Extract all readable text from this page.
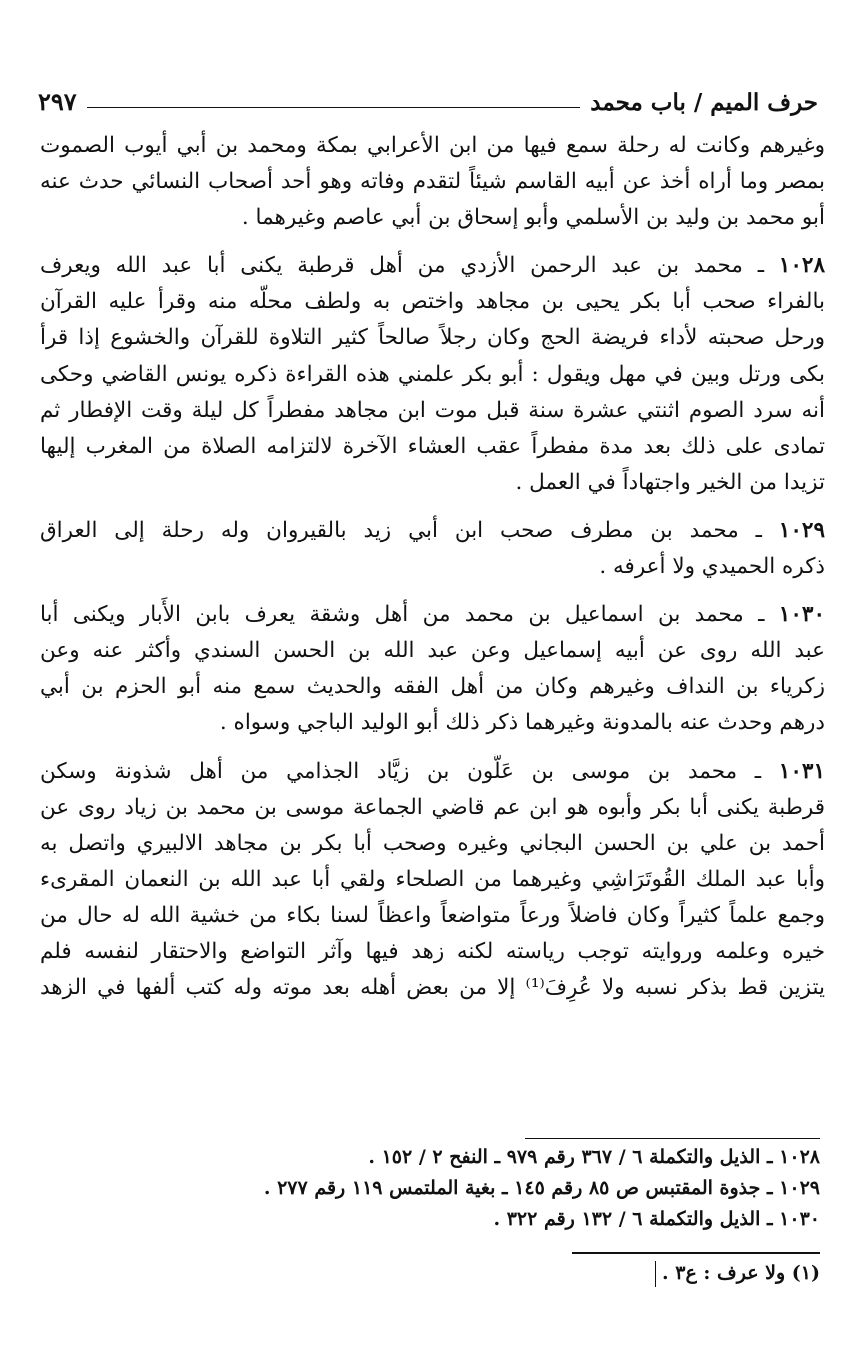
حرف الميم / باب محمد
٢٩٧
وغيرهم وكانت له رحلة سمع فيها من ابن الأعرابي بمكة ومحمد بن أبي أيوب الصموت
بمصر وما أراه أخذ عن أبيه القاسم شيئاً لتقدم وفاته وهو أحد أصحاب النسائي حدث عنه
أبو محمد بن وليد بن الأسلمي وأبو إسحاق بن أبي عاصم وغيرهما .
١٠٢٨ ـ محمد بن عبد الرحمن الأزدي من أهل قرطبة يكنى أبا عبد الله ويعرف
بالفراء صحب أبا بكر يحيى بن مجاهد واختص به ولطف محلّه منه وقرأ عليه القرآن
ورحل صحبته لأداء فريضة الحج وكان رجلاً صالحاً كثير التلاوة للقرآن والخشوع إذا قرأ
بكى ورتل وبين في مهل ويقول : أبو بكر علمني هذه القراءة ذكره يونس القاضي وحكى
أنه سرد الصوم اثنتي عشرة سنة قبل موت ابن مجاهد مفطراً كل ليلة وقت الإفطار ثم
تمادى على ذلك بعد مدة مفطراً عقب العشاء الآخرة لالتزامه الصلاة من المغرب إليها
تزيدا من الخير واجتهاداً في العمل .
١٠٢٩ ـ محمد بن مطرف صحب ابن أبي زيد بالقيروان وله رحلة إلى العراق
ذكره الحميدي ولا أعرفه .
١٠٣٠ ـ محمد بن اسماعيل بن محمد من أهل وشقة يعرف بابن الأَبار ويكنى أبا
عبد الله روى عن أبيه إسماعيل وعن عبد الله بن الحسن السندي وأكثر عنه وعن
زكرياء بن النداف وغيرهم وكان من أهل الفقه والحديث سمع منه أبو الحزم بن أبي
درهم وحدث عنه بالمدونة وغيرهما ذكر ذلك أبو الوليد الباجي وسواه .
١٠٣١ ـ محمد بن موسى بن عَلُّون بن زيَّاد الجذامي من أهل شذونة وسكن
قرطبة يكنى أبا بكر وأبوه هو ابن عم قاضي الجماعة موسى بن محمد بن زياد روى عن
أحمد بن علي بن الحسن البجاني وغيره وصحب أبا بكر بن مجاهد الالبيري واتصل به
وأبا عبد الملك القُوتَرَاشِي وغيرهما من الصلحاء ولقي أبا عبد الله بن النعمان المقرىء
وجمع علماً كثيراً وكان فاضلاً ورعاً متواضعاً واعظاً لسنا بكاء من خشية الله له حال من
خيره وعلمه وروايته توجب رياسته لكنه زهد فيها وآثر التواضع والاحتقار لنفسه فلم
يتزين قط بذكر نسبه ولا عُرِفَ⁽¹⁾ إلا من بعض أهله بعد موته وله كتب ألفها في الزهد
١٠٢٨ ـ الذيل والتكملة ٦ / ٣٦٧ رقم ٩٧٩ ـ النفح ٢ / ١٥٢ .
١٠٢٩ ـ جذوة المقتبس ص ٨٥ رقم ١٤٥ ـ بغية الملتمس ١١٩ رقم ٢٧٧ .
١٠٣٠ ـ الذيل والتكملة ٦ / ١٣٢ رقم ٣٢٢ .
(١) ولا عرف : ع٣ .
